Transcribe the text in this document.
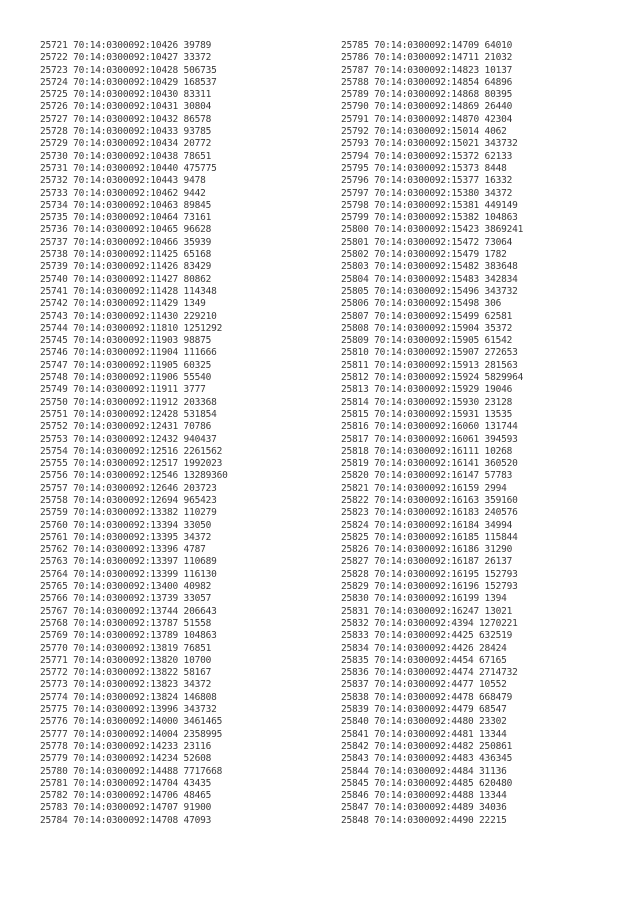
25721 70:14:0300092:10426 39789
25722 70:14:0300092:10427 33372
25723 70:14:0300092:10428 506735
25724 70:14:0300092:10429 168537
25725 70:14:0300092:10430 83311
25726 70:14:0300092:10431 30804
25727 70:14:0300092:10432 86578
25728 70:14:0300092:10433 93785
25729 70:14:0300092:10434 20772
25730 70:14:0300092:10438 78651
25731 70:14:0300092:10440 475775
25732 70:14:0300092:10443 9478
25733 70:14:0300092:10462 9442
25734 70:14:0300092:10463 89845
25735 70:14:0300092:10464 73161
25736 70:14:0300092:10465 96628
25737 70:14:0300092:10466 35939
25738 70:14:0300092:11425 65168
25739 70:14:0300092:11426 83429
25740 70:14:0300092:11427 80862
25741 70:14:0300092:11428 114348
25742 70:14:0300092:11429 1349
25743 70:14:0300092:11430 229210
25744 70:14:0300092:11810 1251292
25745 70:14:0300092:11903 98875
25746 70:14:0300092:11904 111666
25747 70:14:0300092:11905 60325
25748 70:14:0300092:11906 55540
25749 70:14:0300092:11911 3777
25750 70:14:0300092:11912 203368
25751 70:14:0300092:12428 531854
25752 70:14:0300092:12431 70786
25753 70:14:0300092:12432 940437
25754 70:14:0300092:12516 2261562
25755 70:14:0300092:12517 1992023
25756 70:14:0300092:12546 13289360
25757 70:14:0300092:12646 203723
25758 70:14:0300092:12694 965423
25759 70:14:0300092:13382 110279
25760 70:14:0300092:13394 33050
25761 70:14:0300092:13395 34372
25762 70:14:0300092:13396 4787
25763 70:14:0300092:13397 110689
25764 70:14:0300092:13399 116130
25765 70:14:0300092:13400 40982
25766 70:14:0300092:13739 33057
25767 70:14:0300092:13744 206643
25768 70:14:0300092:13787 51558
25769 70:14:0300092:13789 104863
25770 70:14:0300092:13819 76851
25771 70:14:0300092:13820 10700
25772 70:14:0300092:13822 58167
25773 70:14:0300092:13823 34372
25774 70:14:0300092:13824 146808
25775 70:14:0300092:13996 343732
25776 70:14:0300092:14000 3461465
25777 70:14:0300092:14004 2358995
25778 70:14:0300092:14233 23116
25779 70:14:0300092:14234 52608
25780 70:14:0300092:14488 7717668
25781 70:14:0300092:14704 43435
25782 70:14:0300092:14706 48465
25783 70:14:0300092:14707 91900
25784 70:14:0300092:14708 47093
25785 70:14:0300092:14709 64010
25786 70:14:0300092:14711 21032
25787 70:14:0300092:14823 10137
25788 70:14:0300092:14854 64896
25789 70:14:0300092:14868 80395
25790 70:14:0300092:14869 26440
25791 70:14:0300092:14870 42304
25792 70:14:0300092:15014 4062
25793 70:14:0300092:15021 343732
25794 70:14:0300092:15372 62133
25795 70:14:0300092:15373 8448
25796 70:14:0300092:15377 16332
25797 70:14:0300092:15380 34372
25798 70:14:0300092:15381 449149
25799 70:14:0300092:15382 104863
25800 70:14:0300092:15423 3869241
25801 70:14:0300092:15472 73064
25802 70:14:0300092:15479 1782
25803 70:14:0300092:15482 383648
25804 70:14:0300092:15483 342834
25805 70:14:0300092:15496 343732
25806 70:14:0300092:15498 306
25807 70:14:0300092:15499 62581
25808 70:14:0300092:15904 35372
25809 70:14:0300092:15905 61542
25810 70:14:0300092:15907 272653
25811 70:14:0300092:15913 281563
25812 70:14:0300092:15924 5829964
25813 70:14:0300092:15929 19046
25814 70:14:0300092:15930 23128
25815 70:14:0300092:15931 13535
25816 70:14:0300092:16060 131744
25817 70:14:0300092:16061 394593
25818 70:14:0300092:16111 10268
25819 70:14:0300092:16141 360520
25820 70:14:0300092:16147 57783
25821 70:14:0300092:16159 2994
25822 70:14:0300092:16163 359160
25823 70:14:0300092:16183 240576
25824 70:14:0300092:16184 34994
25825 70:14:0300092:16185 115844
25826 70:14:0300092:16186 31290
25827 70:14:0300092:16187 26137
25828 70:14:0300092:16195 152793
25829 70:14:0300092:16196 152793
25830 70:14:0300092:16199 1394
25831 70:14:0300092:16247 13021
25832 70:14:0300092:4394 1270221
25833 70:14:0300092:4425 632519
25834 70:14:0300092:4426 28424
25835 70:14:0300092:4454 67165
25836 70:14:0300092:4474 2714732
25837 70:14:0300092:4477 10552
25838 70:14:0300092:4478 668479
25839 70:14:0300092:4479 68547
25840 70:14:0300092:4480 23302
25841 70:14:0300092:4481 13344
25842 70:14:0300092:4482 250861
25843 70:14:0300092:4483 436345
25844 70:14:0300092:4484 31136
25845 70:14:0300092:4485 620480
25846 70:14:0300092:4488 13344
25847 70:14:0300092:4489 34036
25848 70:14:0300092:4490 22215
